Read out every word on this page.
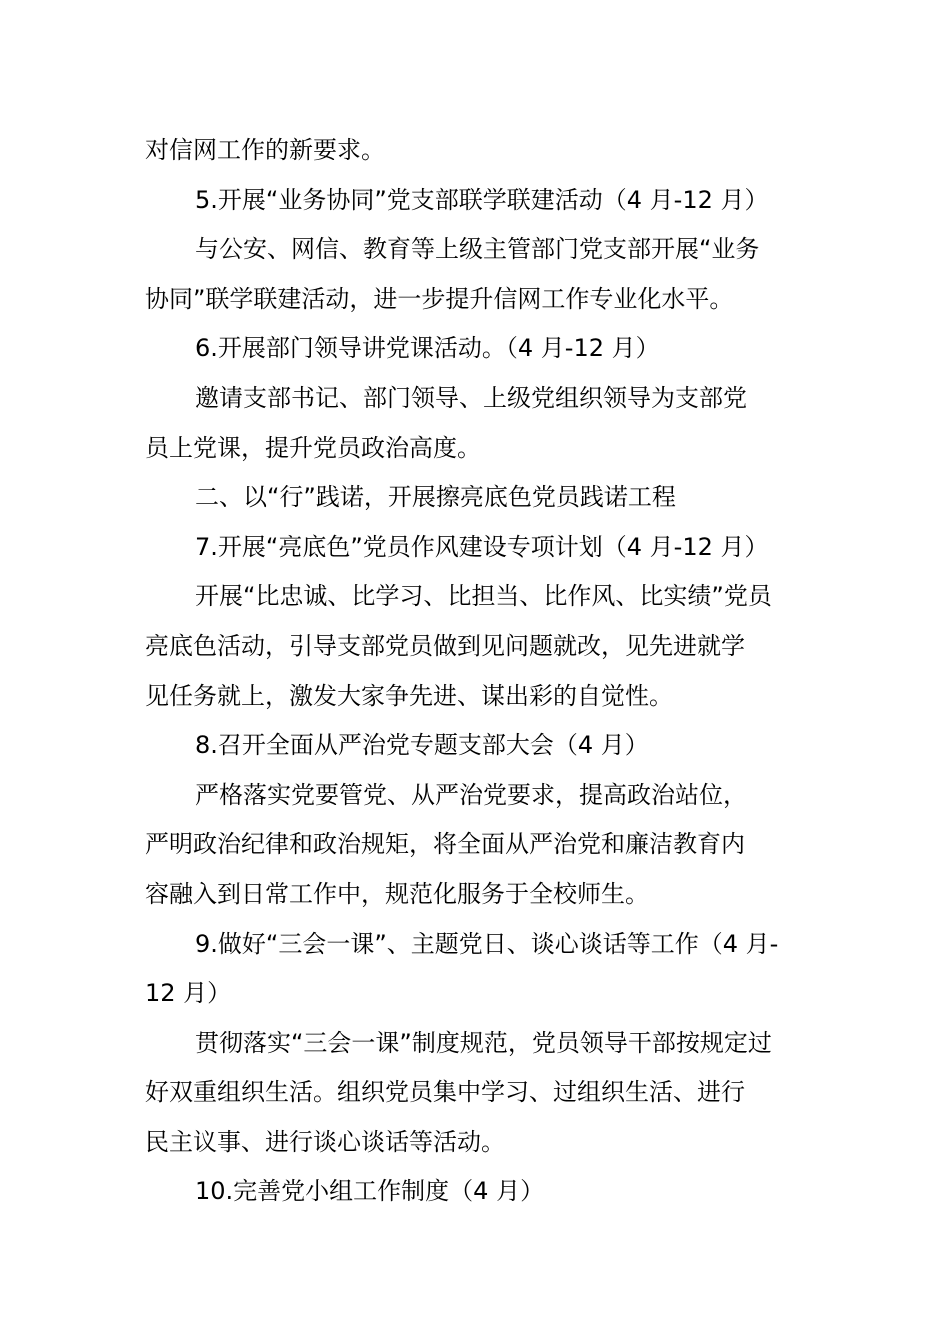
对信网工作的新要求。
5.开展“业务协同”党支部联学联建活动（4 月-12 月）
与公安、网信、教育等上级主管部门党支部开展“业务
协同”联学联建活动，进一步提升信网工作专业化水平。
6.开展部门领导讲党课活动。（4 月-12 月）
邀请支部书记、部门领导、上级党组织领导为支部党
员上党课，提升党员政治高度。
二、以“行”践诺，开展擦亮底色党员践诺工程
7.开展“亮底色”党员作风建设专项计划（4 月-12 月）
开展“比忠诚、比学习、比担当、比作风、比实绩”党员
亮底色活动，引导支部党员做到见问题就改，见先进就学
见任务就上，激发大家争先进、谋出彩的自觉性。
8.召开全面从严治党专题支部大会（4 月）
严格落实党要管党、从严治党要求，提高政治站位，
严明政治纪律和政治规矩，将全面从严治党和廉洁教育内
容融入到日常工作中，规范化服务于全校师生。
9.做好“三会一课”、主题党日、谈心谈话等工作（4 月-
12 月）
贯彻落实“三会一课”制度规范，党员领导干部按规定过
好双重组织生活。组织党员集中学习、过组织生活、进行
民主议事、进行谈心谈话等活动。
10.完善党小组工作制度（4 月）
